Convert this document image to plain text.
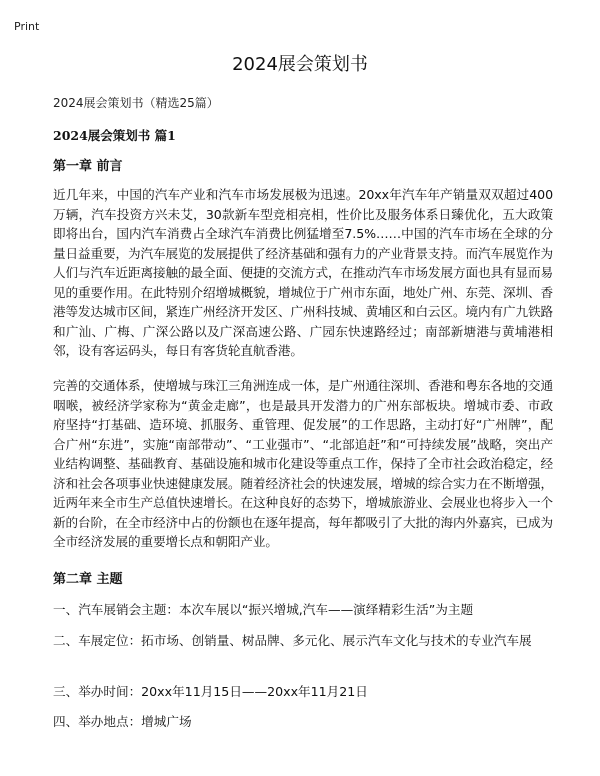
Print
2024展会策划书
2024展会策划书（精选25篇）
2024展会策划书 篇1
第一章 前言
近几年来，中国的汽车产业和汽车市场发展极为迅速。20xx年汽车年产销量双双超过400万辆，汽车投资方兴未艾，30款新车型竞相亮相，性价比及服务体系日臻优化，五大政策即将出台，国内汽车消费占全球汽车消费比例猛增至7.5%……中国的汽车市场在全球的分量日益重要，为汽车展览的发展提供了经济基础和强有力的产业背景支持。而汽车展览作为人们与汽车近距离接触的最全面、便捷的交流方式，在推动汽车市场发展方面也具有显而易见的重要作用。在此特别介绍增城概貌，增城位于广州市东面，地处广州、东莞、深圳、香港等发达城市区间，紧连广州经济开发区、广州科技城、黄埔区和白云区。境内有广九铁路和广汕、广梅、广深公路以及广深高速公路、广园东快速路经过；南部新塘港与黄埔港相邻，设有客运码头，每日有客货轮直航香港。
完善的交通体系，使增城与珠江三角洲连成一体，是广州通往深圳、香港和粤东各地的交通咽喉，被经济学家称为“黄金走廊”，也是最具开发潜力的广州东部板块。增城市委、市政府坚持“打基础、造环境、抓服务、重管理、促发展”的工作思路，主动打好“广州牌”，配合广州“东进”，实施“南部带动”、“工业强市”、“北部追赶”和“可持续发展”战略，突出产业结构调整、基础教育、基础设施和城市化建设等重点工作，保持了全市社会政治稳定，经济和社会各项事业快速健康发展。随着经济社会的快速发展，增城的综合实力在不断增强，近两年来全市生产总值快速增长。在这种良好的态势下，增城旅游业、会展业也将步入一个新的台阶，在全市经济中占的份额也在逐年提高，每年都吸引了大批的海内外嘉宾，已成为全市经济发展的重要增长点和朝阳产业。
第二章 主题
一、汽车展销会主题：本次车展以“振兴增城,汽车——演绎精彩生活”为主题
二、车展定位：拓市场、创销量、树品牌、多元化、展示汽车文化与技术的专业汽车展
三、举办时间：20xx年11月15日——20xx年11月21日
四、举办地点：增城广场
